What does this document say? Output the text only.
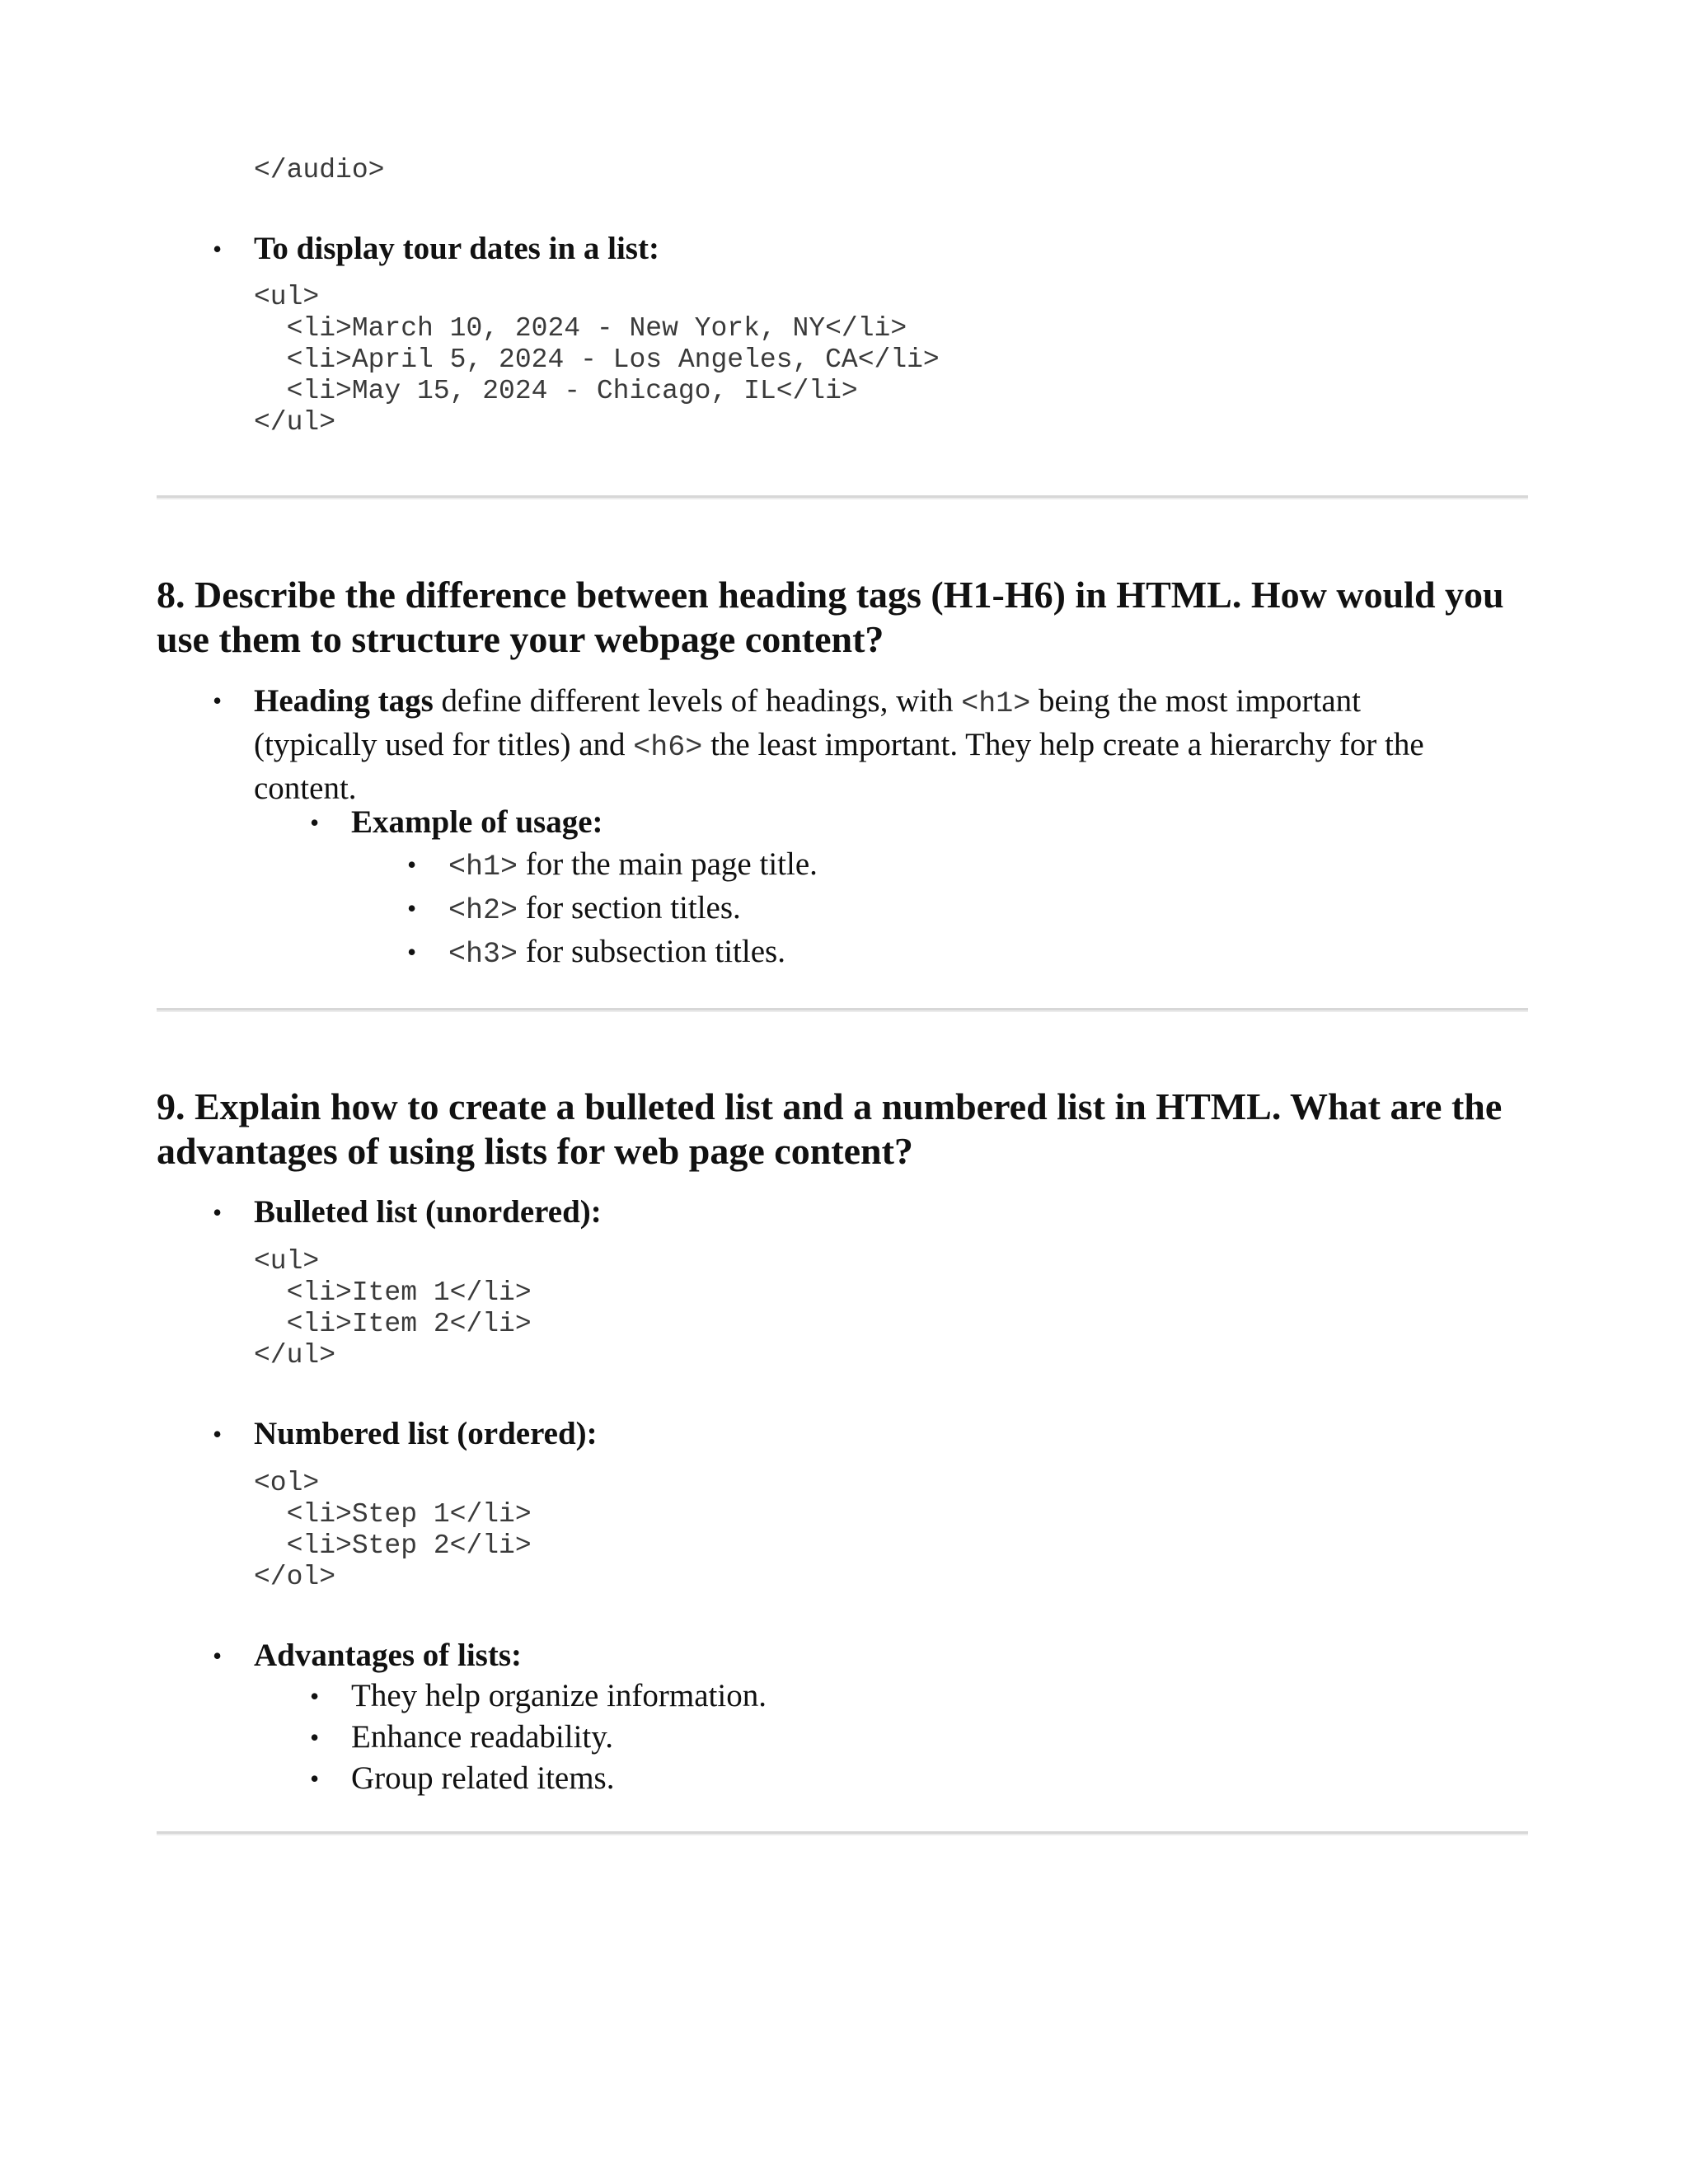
</audio>
• To display tour dates in a list:
<ul>
<li>March 10, 2024 - New York, NY</li>
<li>April 5, 2024 - Los Angeles, CA</li>
<li>May 15, 2024 - Chicago, IL</li>
</ul>
8. Describe the difference between heading tags (H1-H6) in HTML. How would you use them to structure your webpage content?
• Heading tags define different levels of headings, with <h1> being the most important (typically used for titles) and <h6> the least important. They help create a hierarchy for the content.

• Example of usage:
• <h1> for the main page title.
• <h2> for section titles.
• <h3> for subsection titles.
9. Explain how to create a bulleted list and a numbered list in HTML. What are the advantages of using lists for web page content?
• Bulleted list (unordered):
<ul>
<li>Item 1</li>
<li>Item 2</li>
</ul>
• Numbered list (ordered):
<ol>
<li>Step 1</li>
<li>Step 2</li>
</ol>
• Advantages of lists:
• They help organize information.
• Enhance readability.
• Group related items.
